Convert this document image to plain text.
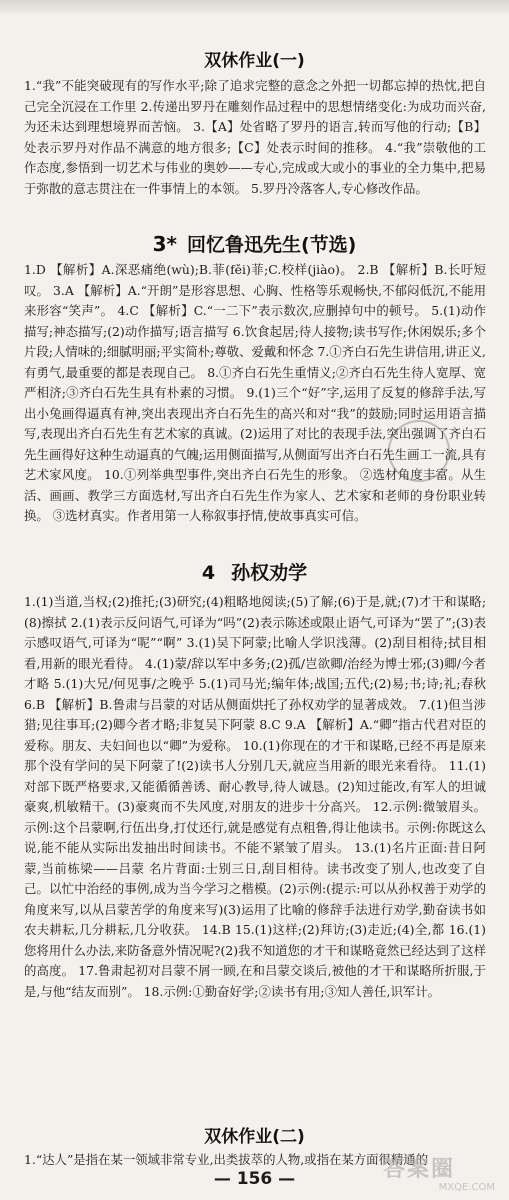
双休作业(一)
1.“我”不能突破现有的写作水平;除了追求完整的意念之外把一切都忘掉的热忱,把自己完全沉浸在工作里 2.传递出罗丹在雕刻作品过程中的思想情绪变化:为成功而兴奋,为还未达到理想境界而苦恼。 3.【A】处省略了罗丹的语言,转而写他的行动;【B】处表示罗丹对作品不满意的地方很多;【C】处表示时间的推移。 4.“我”崇敬他的工作态度,参悟到一切艺术与伟业的奥妙——专心,完成或大或小的事业的全力集中,把易于弥散的意志贯注在一件事情上的本领。 5.罗丹冷落客人,专心修改作品。
3* 回忆鲁迅先生(节选)
1.D 【解析】A.深恶痛绝(wù);B.菲(fěi)菲;C.校样(jiào)。 2.B 【解析】B.长吁短叹。 3.A 【解析】A.“开朗”是形容思想、心胸、性格等乐观畅快,不郁闷低沉,不能用来形容“笑声”。 4.C 【解析】C.“一二下”表示数次,应删掉句中的顿号。 5.(1)动作描写;神态描写;(2)动作描写;语言描写 6.饮食起居;待人接物;读书写作;休闲娱乐;多个片段;人情味的;细腻明丽;平实简朴;尊敬、爱戴和怀念 7.①齐白石先生讲信用,讲正义,有勇气,最重要的都是表现自己。 8.①齐白石先生重情义;②齐白石先生待人宽厚、宽严相济;③齐白石先生具有朴素的习惯。 9.(1)三个“好”字,运用了反复的修辞手法,写出小兔画得逼真有神,突出表现出齐白石先生的高兴和对“我”的鼓励;同时运用语言描写,表现出齐白石先生有艺术家的真诚。(2)运用了对比的表现手法,突出强调了齐白石先生画得好这种生动逼真的气魄;运用侧面描写,从侧面写出齐白石先生画工一流,具有艺术家风度。 10.①列举典型事件,突出齐白石先生的形象。 ②选材角度丰富。从生活、画画、教学三方面选材,写出齐白石先生作为家人、艺术家和老师的身份职业转换。 ③选材真实。作者用第一人称叙事抒情,使故事真实可信。
4 孙权劝学
1.(1)当道,当权;(2)推托;(3)研究;(4)粗略地阅读;(5)了解;(6)于是,就;(7)才干和谋略;(8)擦拭 2.(1)表示反问语气,可译为“吗”(2)表示陈述或限止语气,可译为“罢了”;(3)表示感叹语气,可译为“呢”“啊” 3.(1)吴下阿蒙;比喻人学识浅薄。(2)刮目相待;拭目相看,用新的眼光看待。 4.(1)蒙/辞以军中多务;(2)孤/岂欲卿/治经为博士邪;(3)卿/今者才略 5.(1)大兄/何见事/之晚乎 5.(1)司马光;编年体;战国;五代;(2)易;书;诗;礼;春秋 6.B 【解析】B.鲁肃与吕蒙的对话从侧面烘托了孙权劝学的显著成效。 7.(1)但当涉猎;见往事耳;(2)卿今者才略;非复吴下阿蒙 8.C 9.A 【解析】A.“卿”指古代君对臣的爱称。朋友、夫妇间也以“卿”为爱称。 10.(1)你现在的才干和谋略,已经不再是原来那个没有学问的吴下阿蒙了!(2)读书人分别几天,就应当用新的眼光来看待。 11.(1)对部下既严格要求,又能循循善诱、耐心教导,待人诚恳。(2)知过能改,有军人的坦诚豪爽,机敏精干。(3)豪爽而不失风度,对朋友的进步十分高兴。 12.示例:微皱眉头。示例:这个吕蒙啊,行伍出身,打仗还行,就是感觉有点粗鲁,得让他读书。示例:你既这么说,能不能从实际出发抽出时间读书。不能不紧皱了眉头。 13.(1)名片正面:昔日阿蒙,当前栋梁——吕蒙 名片背面:士别三日,刮目相待。读书改变了别人,也改变了自己。以忙中治经的事例,成为当今学习之楷模。(2)示例:(提示:可以从孙权善于劝学的角度来写,以从吕蒙苦学的角度来写)(3)运用了比喻的修辞手法进行劝学,勤奋读书如农夫耕耘,几分耕耘,几分收获。 14.B 15.(1)这样;(2)拜访;(3)走近;(4)全,都 16.(1)您将用什么办法,来防备意外情况呢?(2)我不知道您的才干和谋略竟然已经达到了这样的高度。 17.鲁肃起初对吕蒙不屑一顾,在和吕蒙交谈后,被他的才干和谋略所折服,于是,与他“结友而别”。 18.示例:①勤奋好学;②读书有用;③知人善任,识军计。
双休作业(二)
1.“达人”是指在某一领域非常专业,出类拔萃的人物,或指在某方面很精通的
— 156 —	答案圈
MXQE.COM
